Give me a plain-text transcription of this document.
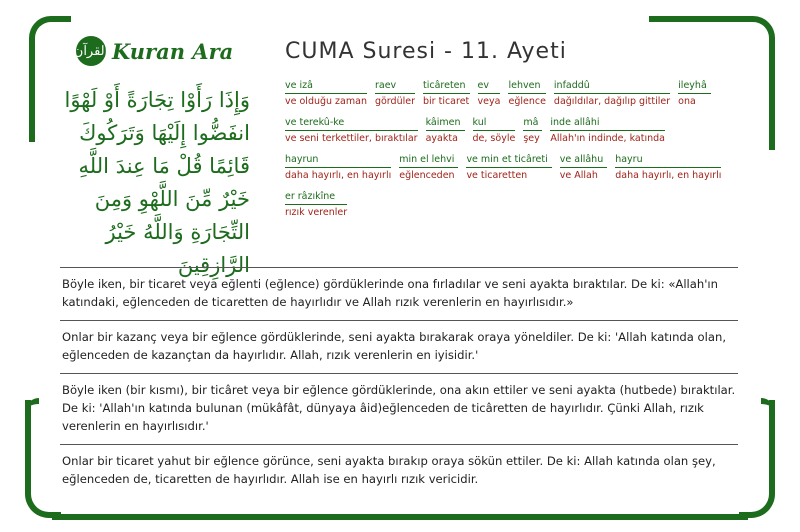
القرآن Kuran Ara CUMA Suresi - 11. Ayeti
وَإِذَا رَأَوْا تِجَارَةً أَوْ لَهْوًا انفَضُّوا إِلَيْهَا وَتَرَكُوكَ قَائِمًا قُلْ مَا عِندَ اللَّهِ خَيْرٌ مِّنَ اللَّهْوِ وَمِنَ التِّجَارَةِ وَاللَّهُ خَيْرُ الرَّازِقِينَ
ve izâ
ve olduğu zaman
raev
gördüler
ticâreten
bir ticaret
ev
veya
lehven
eğlence
infaddû
dağıldılar, dağılıp gittiler
ileyhâ
ona
ve terekû-ke
ve seni terkettiler, bıraktılar
kâimen
ayakta
kul
de, söyle
mâ
şey
inde allâhi
Allah'ın indinde, katında
hayrun
daha hayırlı, en hayırlı
min el lehvi
eğlenceden
ve min et ticâreti
ve ticaretten
ve allâhu
ve Allah
hayru
daha hayırlı, en hayırlı
er râzıkîne
rızık verenler
Böyle iken, bir ticaret veya eğlenti (eğlence) gördüklerinde ona fırladılar ve seni ayakta bıraktılar. De ki: «Allah'ın katındaki, eğlenceden de ticaretten de hayırlıdır ve Allah rızık verenlerin en hayırlısıdır.»
Onlar bir kazanç veya bir eğlence gördüklerinde, seni ayakta bırakarak oraya yöneldiler. De ki: 'Allah katında olan, eğlenceden de kazançtan da hayırlıdır. Allah, rızık verenlerin en iyisidir.'
Böyle iken (bir kısmı), bir ticâret veya bir eğlence gördüklerinde, ona akın ettiler ve seni ayakta (hutbede) bıraktılar. De ki: 'Allah'ın katında bulunan (mükâfât, dünyaya âid)eğlenceden de ticâretten de hayırlıdır. Çünki Allah, rızık verenlerin en hayırlısıdır.'
Onlar bir ticaret yahut bir eğlence görünce, seni ayakta bırakıp oraya sökün ettiler. De ki: Allah katında olan şey, eğlenceden de, ticaretten de hayırlıdır. Allah ise en hayırlı rızık vericidir.
